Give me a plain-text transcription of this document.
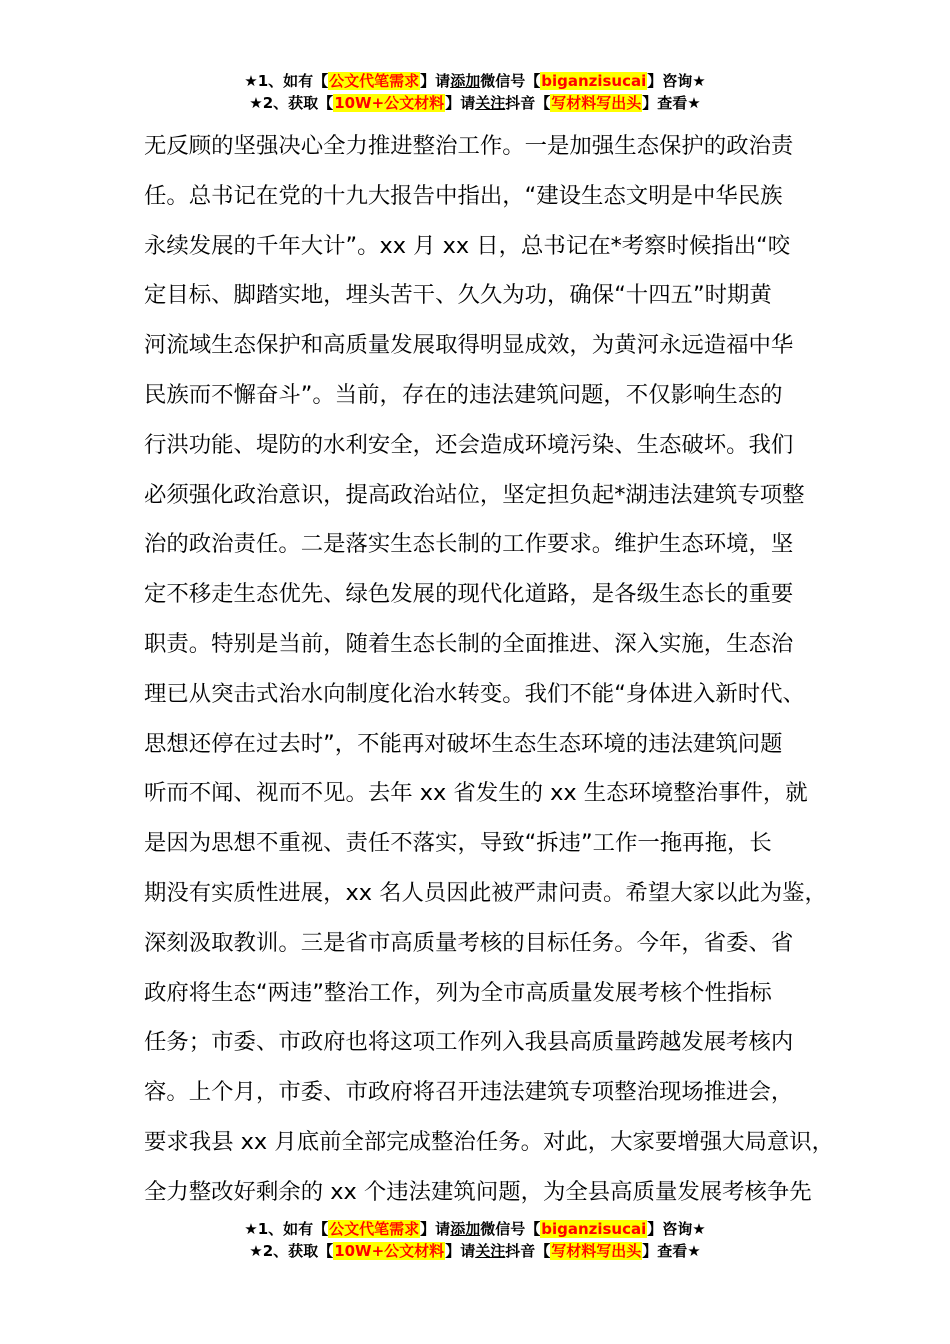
★1、如有【公文代笔需求】请添加微信号【biganzisucai】咨询★
★2、获取【10W+公文材料】请关注抖音【写材料写出头】查看★
无反顾的坚强决心全力推进整治工作。一是加强生态保护的政治责
任。总书记在党的十九大报告中指出，“建设生态文明是中华民族
永续发展的千年大计”。xx 月 xx 日，总书记在*考察时候指出“咬
定目标、脚踏实地，埋头苦干、久久为功，确保“十四五”时期黄
河流域生态保护和高质量发展取得明显成效，为黄河永远造福中华
民族而不懈奋斗”。当前，存在的违法建筑问题，不仅影响生态的
行洪功能、堤防的水利安全，还会造成环境污染、生态破坏。我们
必须强化政治意识，提高政治站位，坚定担负起*湖违法建筑专项整
治的政治责任。二是落实生态长制的工作要求。维护生态环境，坚
定不移走生态优先、绿色发展的现代化道路，是各级生态长的重要
职责。特别是当前，随着生态长制的全面推进、深入实施，生态治
理已从突击式治水向制度化治水转变。我们不能“身体进入新时代、
思想还停在过去时”，不能再对破坏生态生态环境的违法建筑问题
听而不闻、视而不见。去年 xx 省发生的 xx 生态环境整治事件，就
是因为思想不重视、责任不落实，导致“拆违”工作一拖再拖，长
期没有实质性进展，xx 名人员因此被严肃问责。希望大家以此为鉴，
深刻汲取教训。三是省市高质量考核的目标任务。今年，省委、省
政府将生态“两违”整治工作，列为全市高质量发展考核个性指标
任务；市委、市政府也将这项工作列入我县高质量跨越发展考核内
容。上个月，市委、市政府将召开违法建筑专项整治现场推进会，
要求我县 xx 月底前全部完成整治任务。对此，大家要增强大局意识，
全力整改好剩余的 xx 个违法建筑问题，为全县高质量发展考核争先
★1、如有【公文代笔需求】请添加微信号【biganzisucai】咨询★
★2、获取【10W+公文材料】请关注抖音【写材料写出头】查看★
